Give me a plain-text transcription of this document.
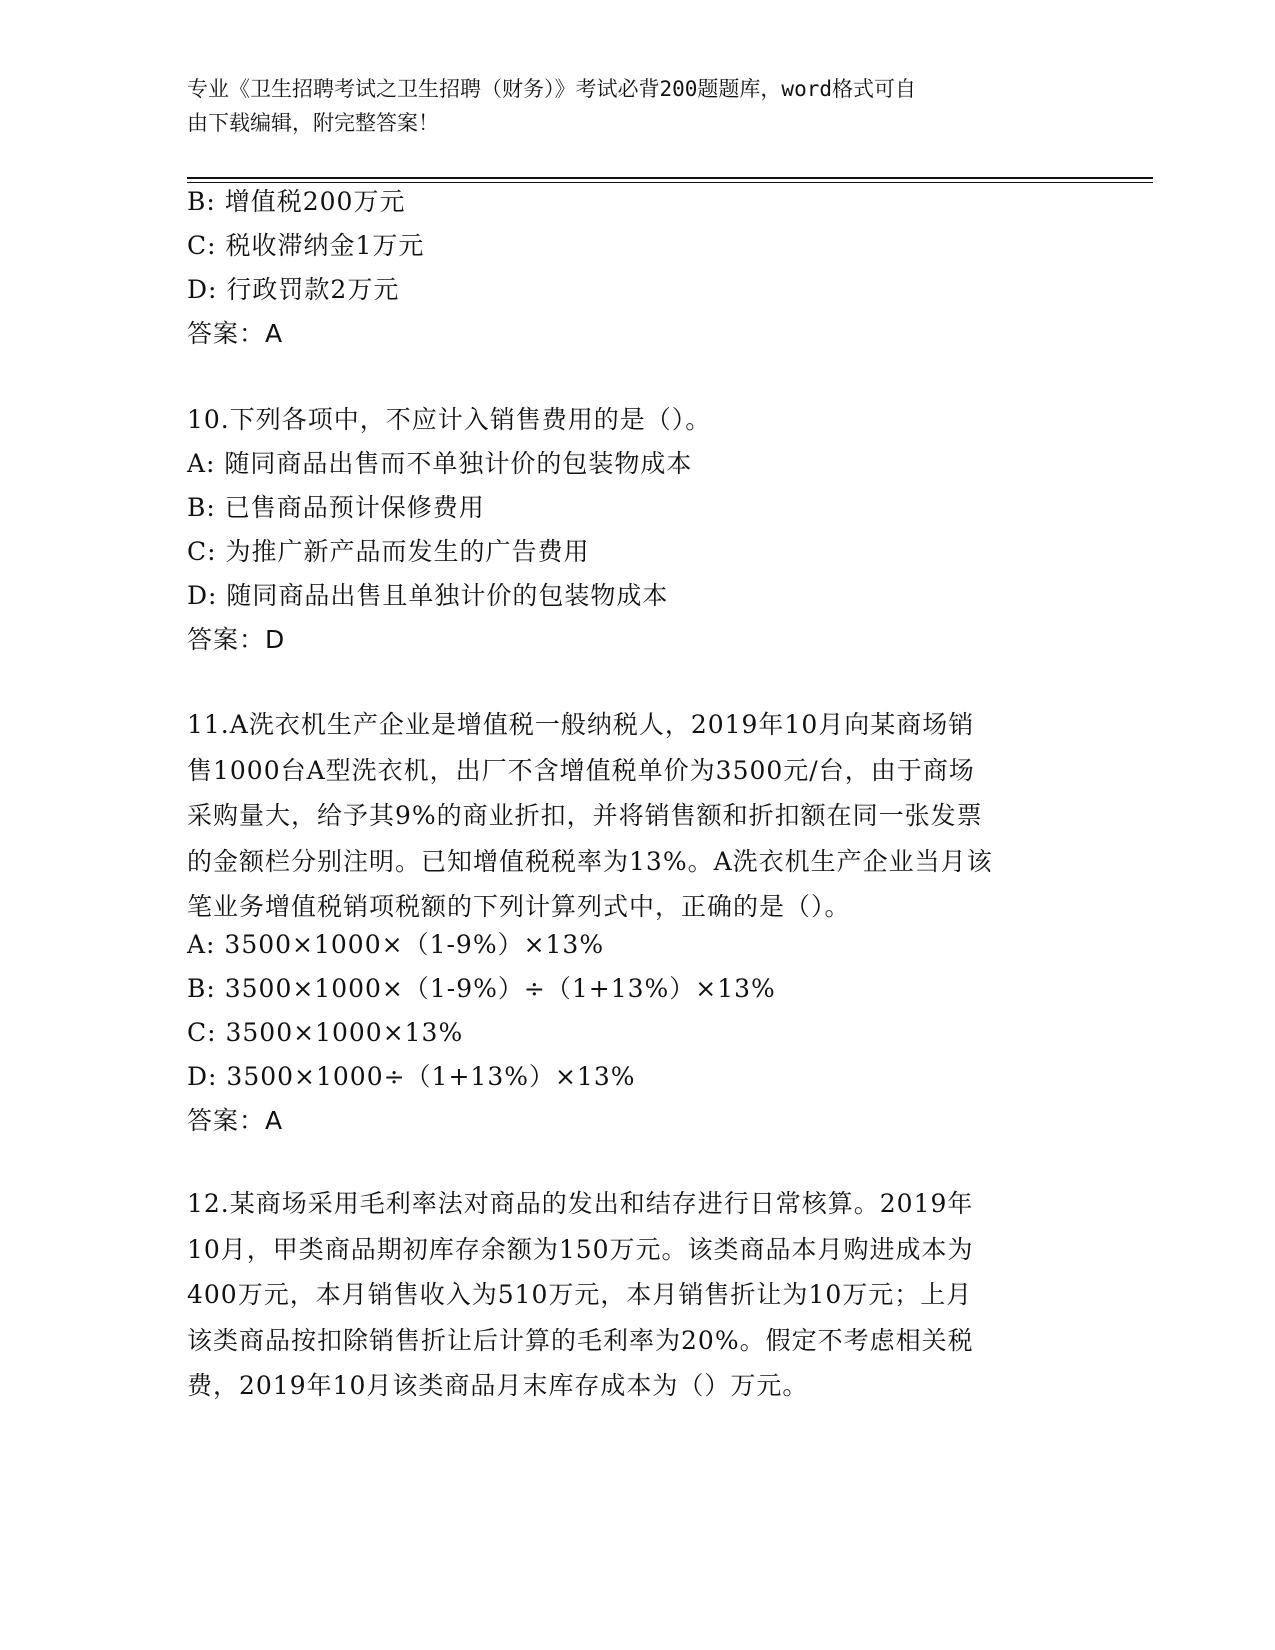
专业《卫生招聘考试之卫生招聘（财务）》考试必背200题题库，word格式可自
由下载编辑，附完整答案！
B: 增值税200万元
C: 税收滞纳金1万元
D: 行政罚款2万元
答案：A
10.下列各项中，不应计入销售费用的是（）。
A: 随同商品出售而不单独计价的包装物成本
B: 已售商品预计保修费用
C: 为推广新产品而发生的广告费用
D: 随同商品出售且单独计价的包装物成本
答案：D
11.A洗衣机生产企业是增值税一般纳税人，2019年10月向某商场销
售1000台A型洗衣机，出厂不含增值税单价为3500元/台，由于商场
采购量大，给予其9%的商业折扣，并将销售额和折扣额在同一张发票
的金额栏分别注明。已知增值税税率为13%。A洗衣机生产企业当月该
笔业务增值税销项税额的下列计算列式中，正确的是（）。
A: 3500×1000×（1-9%）×13%
B: 3500×1000×（1-9%）÷（1+13%）×13%
C: 3500×1000×13%
D: 3500×1000÷（1+13%）×13%
答案：A
12.某商场采用毛利率法对商品的发出和结存进行日常核算。2019年
10月，甲类商品期初库存余额为150万元。该类商品本月购进成本为
400万元，本月销售收入为510万元，本月销售折让为10万元；上月
该类商品按扣除销售折让后计算的毛利率为20%。假定不考虑相关税
费，2019年10月该类商品月末库存成本为（）万元。
